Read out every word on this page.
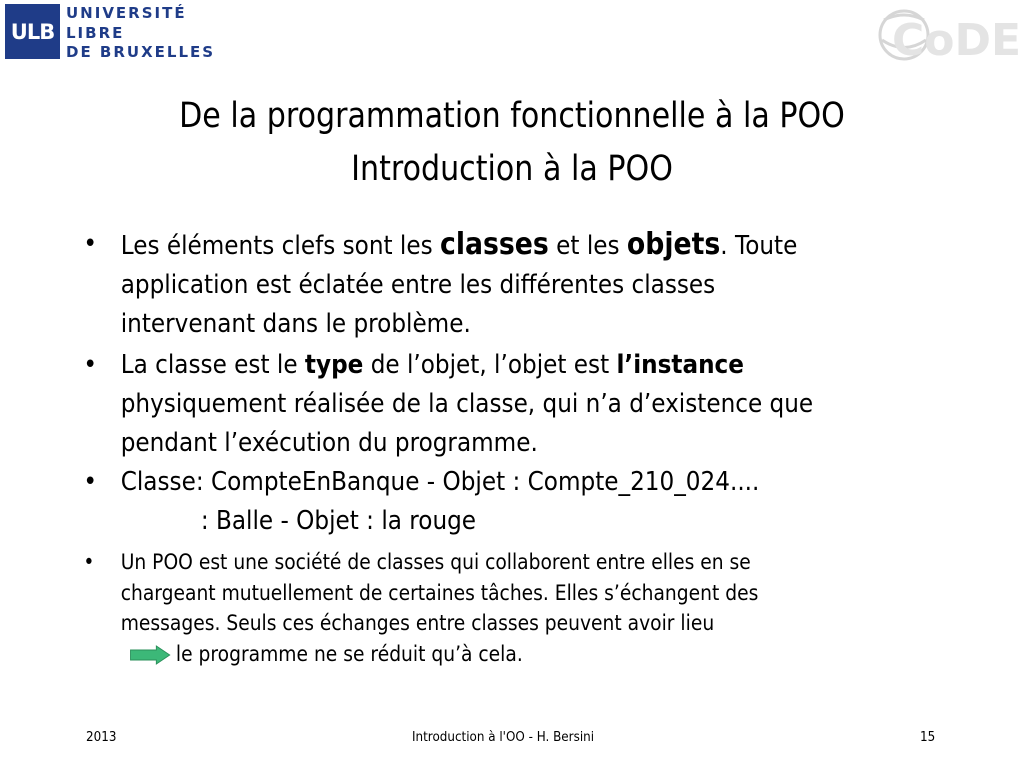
ULB
UNIVERSITÉ
LIBRE
DE BRUXELLES	CoDE
De la programmation fonctionnelle à la POO
Introduction à la POO
• Les éléments clefs sont les classes et les objets. Toute
application est éclatée entre les différentes classes
intervenant dans le problème.
• La classe est le type de l’objet, l’objet est l’instance
physiquement réalisée de la classe, qui n’a d’existence que
pendant l’exécution du programme.
• Classe: CompteEnBanque - Objet : Compte_210_024....
: Balle - Objet : la rouge
• Un POO est une société de classes qui collaborent entre elles en se
chargeant mutuellement de certaines tâches. Elles s’échangent des
messages. Seuls ces échanges entre classes peuvent avoir lieu
le programme ne se réduit qu’à cela.
2013	Introduction à l'OO - H. Bersini	15
